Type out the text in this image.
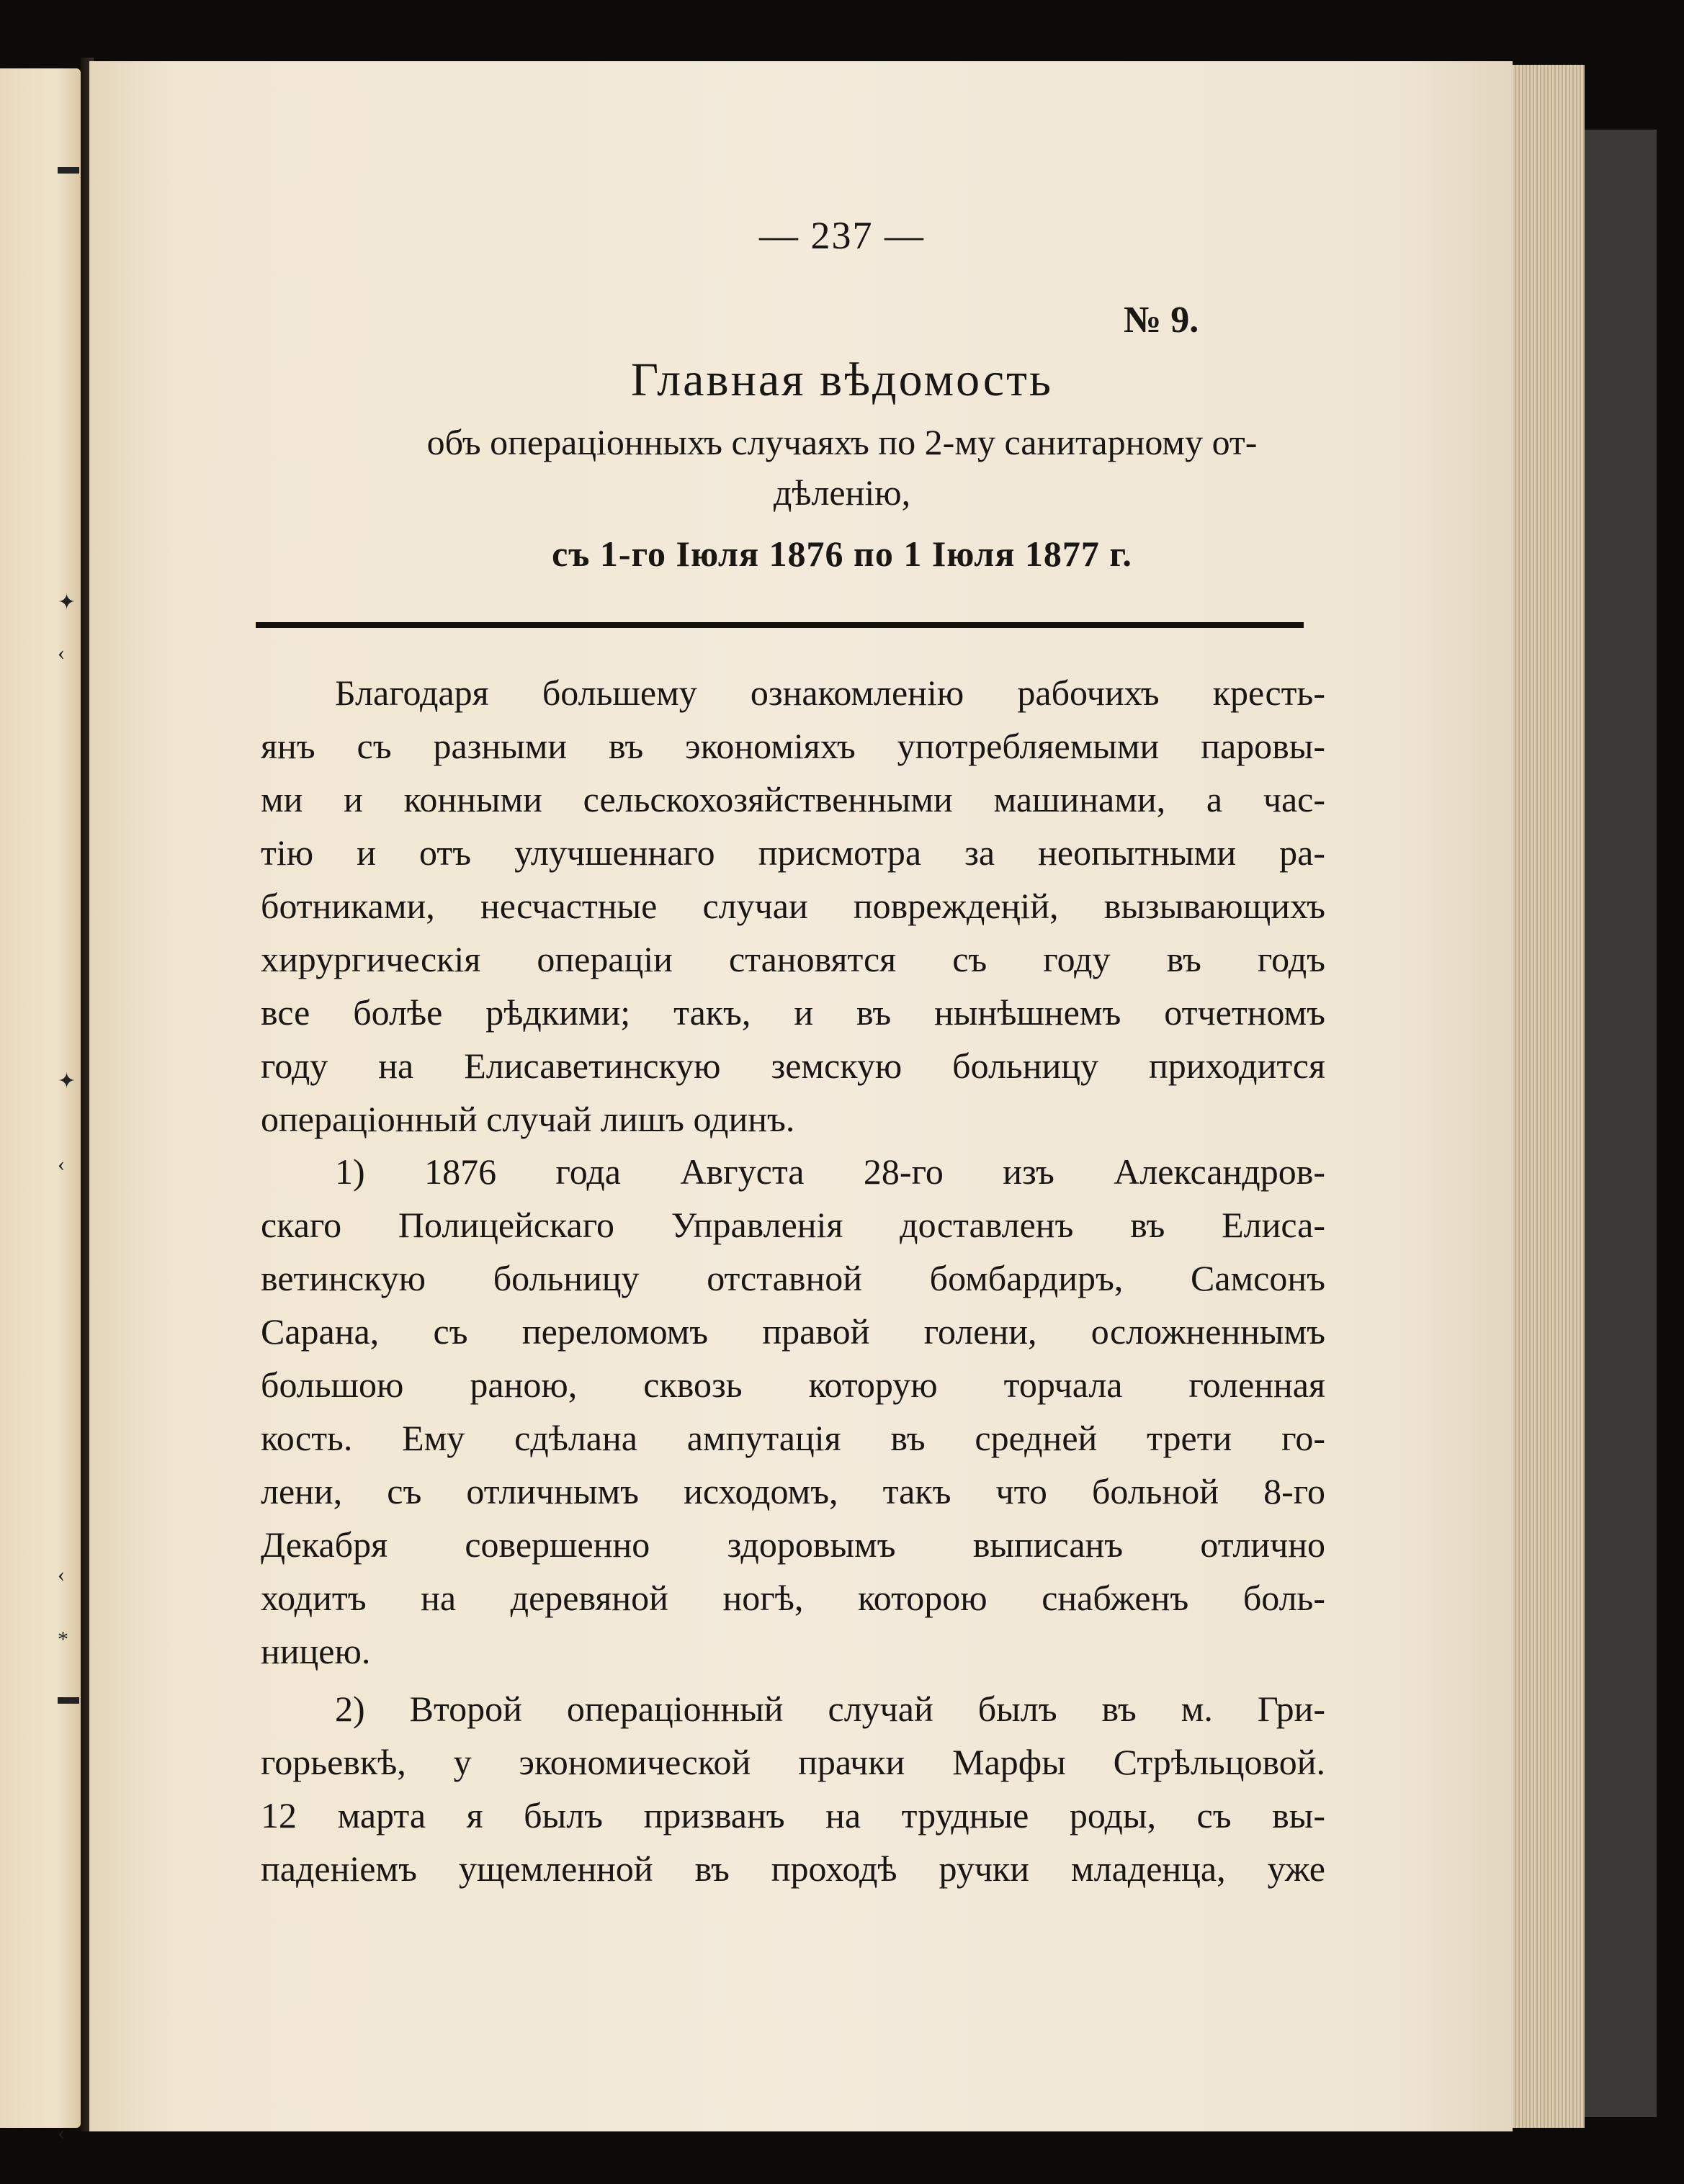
▬
✦
‹
✦
‹
‹
*
▬
‹
— 237 —
№ 9.
Главная вѣдомость
объ операціонныхъ случаяхъ по 2-му санитарному от-
дѣленію,
съ 1-го Іюля 1876 по 1 Іюля 1877 г.
Благодаря большему ознакомленію рабочихъ кресть-
янъ съ разными въ экономіяхъ употребляемыми паровы-
ми и конными сельскохозяйственными машинами, а час-
тію и отъ улучшеннаго присмотра за неопытными ра-
ботниками, несчастные случаи повреждеңій, вызывающихъ
хирургическія операціи становятся съ году въ годъ
все болѣе рѣдкими; такъ, и въ нынѣшнемъ отчетномъ
году на Елисаветинскую земскую больницу приходится
операціонный случай лишъ одинъ.
1) 1876 года Августа 28-го изъ Александров-
скаго Полицейскаго Управленія доставленъ въ Елиса-
ветинскую больницу отставной бомбардиръ, Самсонъ
Сарана, съ переломомъ правой голени, осложненнымъ
большою раною, сквозь которую торчала голенная
кость. Ему сдѣлана ампутація въ средней трети го-
лени, съ отличнымъ исходомъ, такъ что больной 8-го
Декабря совершенно здоровымъ выписанъ отлично
ходитъ на деревяной ногѣ, которою снабженъ боль-
ницею.
2) Второй операціонный случай былъ въ м. Гри-
горьевкѣ, у экономической прачки Марфы Стрѣльцовой.
12 марта я былъ призванъ на трудные роды, съ вы-
паденіемъ ущемленной въ проходѣ ручки младенца, уже
